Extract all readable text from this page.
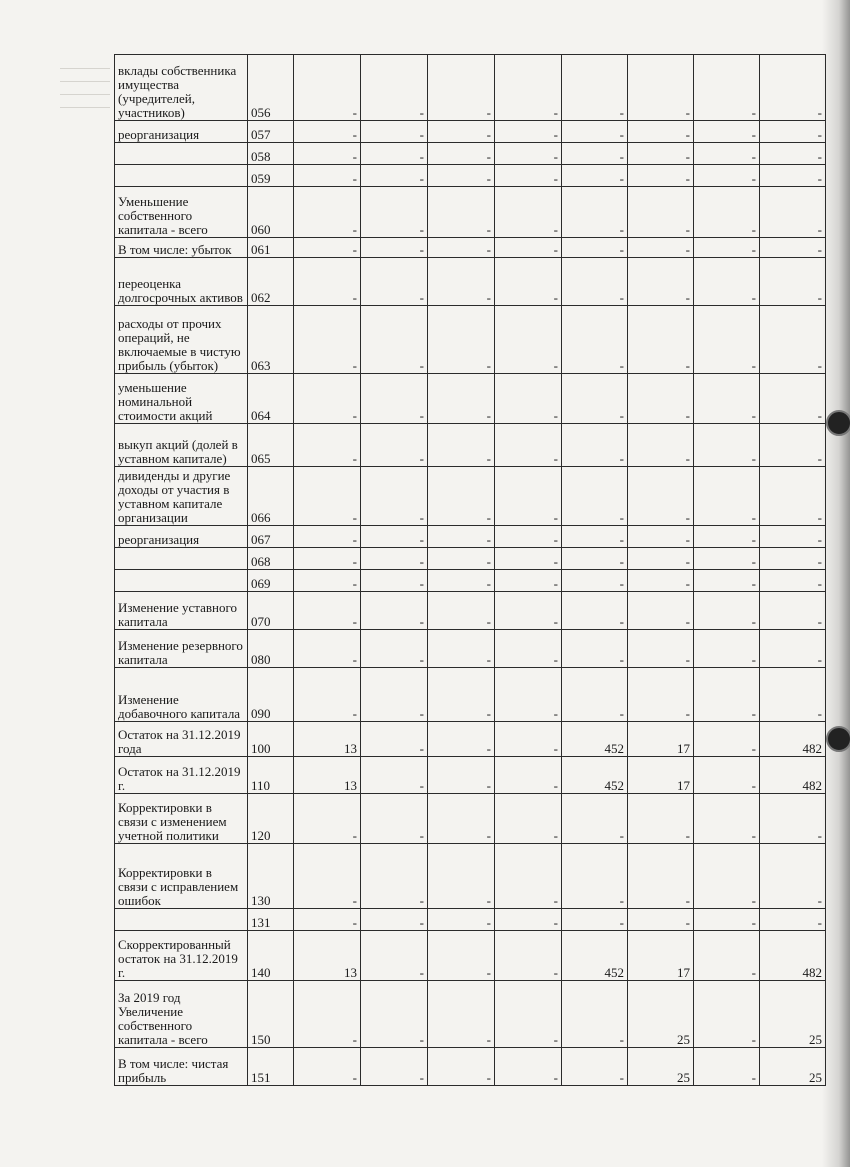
вклады собственника имущества (учредителей, участников)	056	-	-	-	-	-	-	-	-
реорганизация	057	-	-	-	-	-	-	-	-
	058	-	-	-	-	-	-	-	-
	059	-	-	-	-	-	-	-	-
Уменьшение собственного капитала - всего	060	-	-	-	-	-	-	-	-
В том числе: убыток	061	-	-	-	-	-	-	-	-
переоценка долгосрочных активов	062	-	-	-	-	-	-	-	-
расходы от прочих операций, не включаемые в чистую прибыль (убыток)	063	-	-	-	-	-	-	-	-
уменьшение номинальной стоимости акций	064	-	-	-	-	-	-	-	-
выкуп акций (долей в уставном капитале)	065	-	-	-	-	-	-	-	-
дивиденды и другие доходы от участия в уставном капитале организации	066	-	-	-	-	-	-	-	-
реорганизация	067	-	-	-	-	-	-	-	-
	068	-	-	-	-	-	-	-	-
	069	-	-	-	-	-	-	-	-
Изменение уставного капитала	070	-	-	-	-	-	-	-	-
Изменение резервного капитала	080	-	-	-	-	-	-	-	-
Изменение добавочного капитала	090	-	-	-	-	-	-	-	-
Остаток на 31.12.2019 года	100	13	-	-	-	452	17	-	482
Остаток на 31.12.2019 г.	110	13	-	-	-	452	17	-	482
Корректировки в связи с изменением учетной политики	120	-	-	-	-	-	-	-	-
Корректировки в связи с исправлением ошибок	130	-	-	-	-	-	-	-	-
	131	-	-	-	-	-	-	-	-
Скорректированный остаток на 31.12.2019 г.	140	13	-	-	-	452	17	-	482
За 2019 год Увеличение собственного капитала - всего	150	-	-	-	-	-	25	-	25
В том числе: чистая прибыль	151	-	-	-	-	-	25	-	25
